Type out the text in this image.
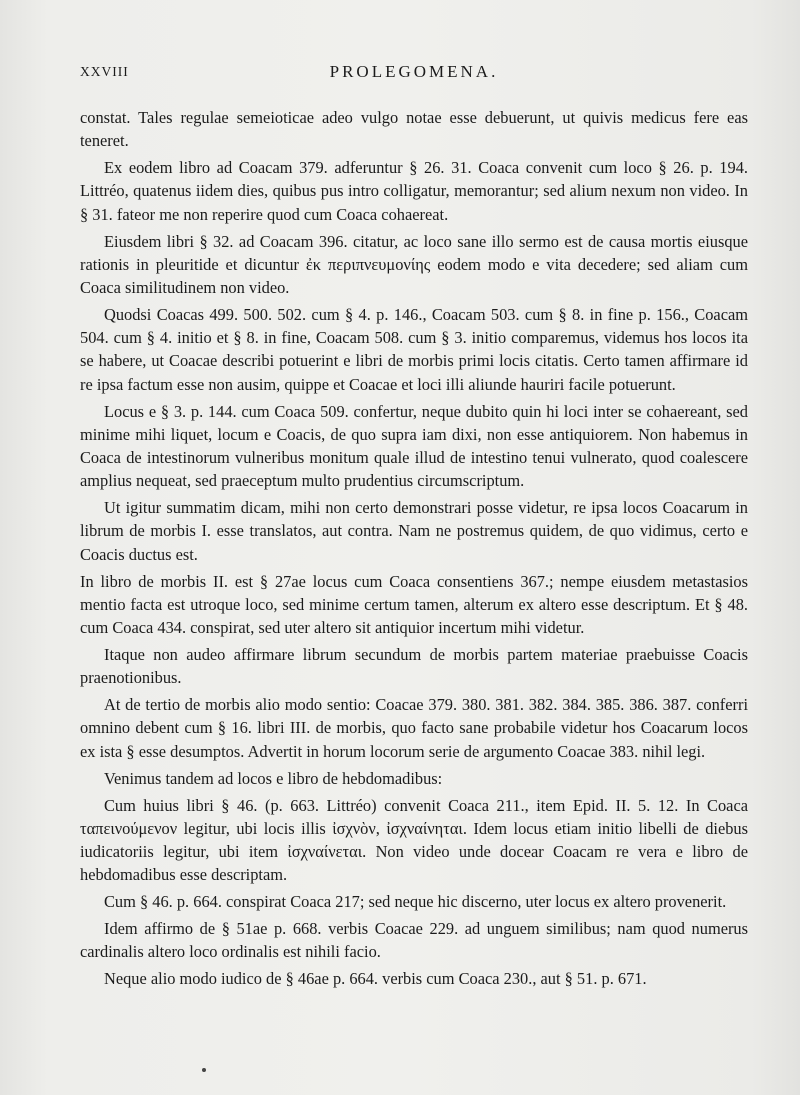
XXVIII	PROLEGOMENA.

constat. Tales regulae semeioticae adeo vulgo notae esse debuerunt, ut quivis medicus fere eas teneret.

Ex eodem libro ad Coacam 379. adferuntur § 26. 31. Coaca convenit cum loco § 26. p. 194. Littréo, quatenus iidem dies, quibus pus intro colligatur, memorantur; sed alium nexum non video. In § 31. fateor me non reperire quod cum Coaca cohaereat.

Eiusdem libri § 32. ad Coacam 396. citatur, ac loco sane illo sermo est de causa mortis eiusque rationis in pleuritide et dicuntur ἐκ περιπνευμονίης eodem modo e vita decedere; sed aliam cum Coaca similitudinem non video.

Quodsi Coacas 499. 500. 502. cum § 4. p. 146., Coacam 503. cum § 8. in fine p. 156., Coacam 504. cum § 4. initio et § 8. in fine, Coacam 508. cum § 3. initio comparemus, videmus hos locos ita se habere, ut Coacae describi potuerint e libri de morbis primi locis citatis. Certo tamen affirmare id re ipsa factum esse non ausim, quippe et Coacae et loci illi aliunde hauriri facile potuerunt.

Locus e § 3. p. 144. cum Coaca 509. confertur, neque dubito quin hi loci inter se cohaereant, sed minime mihi liquet, locum e Coacis, de quo supra iam dixi, non esse antiquiorem. Non habemus in Coaca de intestinorum vulneribus monitum quale illud de intestino tenui vulnerato, quod coalescere amplius nequeat, sed praeceptum multo prudentius circumscriptum.

Ut igitur summatim dicam, mihi non certo demonstrari posse videtur, re ipsa locos Coacarum in librum de morbis I. esse translatos, aut contra. Nam ne postremus quidem, de quo vidimus, certo e Coacis ductus est.

In libro de morbis II. est § 27ae locus cum Coaca consentiens 367.; nempe eiusdem metastasios mentio facta est utroque loco, sed minime certum tamen, alterum ex altero esse descriptum. Et § 48. cum Coaca 434. conspirat, sed uter altero sit antiquior incertum mihi videtur.

Itaque non audeo affirmare librum secundum de morbis partem materiae praebuisse Coacis praenotionibus.

At de tertio de morbis alio modo sentio: Coacae 379. 380. 381. 382. 384. 385. 386. 387. conferri omnino debent cum § 16. libri III. de morbis, quo facto sane probabile videtur hos Coacarum locos ex ista § esse desumptos. Advertit in horum locorum serie de argumento Coacae 383. nihil legi.

Venimus tandem ad locos e libro de hebdomadibus:

Cum huius libri § 46. (p. 663. Littréo) convenit Coaca 211., item Epid. II. 5. 12. In Coaca ταπεινούμενον legitur, ubi locis illis ἰσχνὸν, ἰσχναίνηται. Idem locus etiam initio libelli de diebus iudicatoriis legitur, ubi item ἰσχναίνεται. Non video unde docear Coacam re vera e libro de hebdomadibus esse descriptam.

Cum § 46. p. 664. conspirat Coaca 217; sed neque hic discerno, uter locus ex altero provenerit.

Idem affirmo de § 51ae p. 668. verbis Coacae 229. ad unguem similibus; nam quod numerus cardinalis altero loco ordinalis est nihili facio.

Neque alio modo iudico de § 46ae p. 664. verbis cum Coaca 230., aut § 51. p. 671.
